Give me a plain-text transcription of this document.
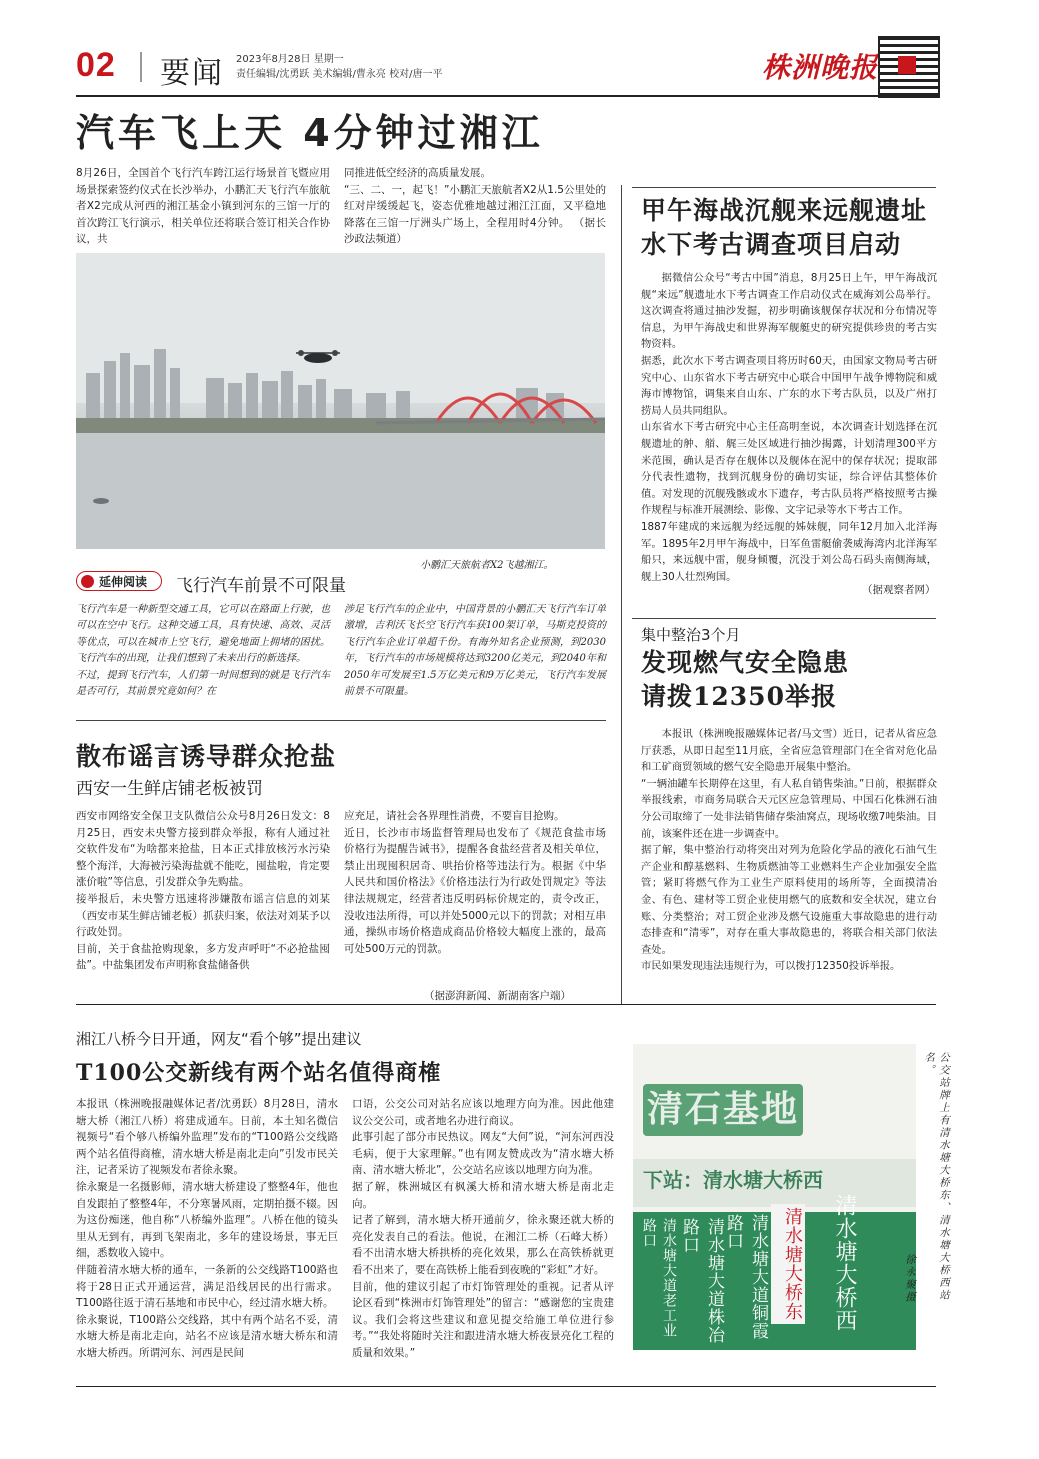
02 要闻 2023年8月28日 星期一
责任编辑/沈勇跃 美术编辑/曹永亮 校对/唐一平	株洲晚报
汽车飞上天 4分钟过湘江
8月26日，全国首个飞行汽车跨江运行场景首飞暨应用场景探索签约仪式在长沙举办，小鹏汇天飞行汽车旅航者X2完成从河西的湘江基金小镇到河东的三馆一厅的首次跨江飞行演示，相关单位还将联合签订相关合作协议，共
同推进低空经济的高质量发展。
“三、二、一，起飞！”小鹏汇天旅航者X2从1.5公里处的红对岸缓缓起飞，姿态优雅地越过湘江江面，又平稳地降落在三馆一厅洲头广场上，全程用时4分钟。 （据长沙政法频道）
小鹏汇天旅航者X2飞越湘江。
延伸阅读	飞行汽车前景不可限量
飞行汽车是一种新型交通工具，它可以在路面上行驶，也可以在空中飞行。这种交通工具，具有快速、高效、灵活等优点，可以在城市上空飞行，避免地面上拥堵的困扰。飞行汽车的出现，让我们想到了未来出行的新选择。
不过，提到飞行汽车，人们第一时间想到的就是飞行汽车是否可行，其前景究竟如何？在
涉足飞行汽车的企业中，中国背景的小鹏汇天飞行汽车订单激增，吉利沃飞长空飞行汽车获100架订单，马斯克投资的飞行汽车企业订单超千份。有海外知名企业预测，到2030年，飞行汽车的市场规模将达到3200亿美元，到2040年和2050年可发展至1.5万亿美元和9万亿美元，飞行汽车发展前景不可限量。
散布谣言诱导群众抢盐
西安一生鲜店铺老板被罚
西安市网络安全保卫支队微信公众号8月26日发文：8月25日，西安未央警方接到群众举报，称有人通过社交软件发布“为啥都来抢盐，日本正式排放核污水污染整个海洋，大海被污染海盐就不能吃，囤盐啦，肯定要涨价啦”等信息，引发群众争先购盐。
接举报后，未央警方迅速将涉嫌散布谣言信息的刘某（西安市某生鲜店铺老板）抓获归案，依法对刘某予以行政处罚。
目前，关于食盐抢购现象，多方发声呼吁“不必抢盐囤盐”。中盐集团发布声明称食盐储备供
应充足，请社会各界理性消费，不要盲目抢购。
近日，长沙市市场监督管理局也发布了《规范食盐市场价格行为提醒告诫书》，提醒各食盐经营者及相关单位，禁止出现囤积居奇、哄抬价格等违法行为。根据《中华人民共和国价格法》《价格违法行为行政处罚规定》等法律法规规定，经营者违反明码标价规定的，责令改正，没收违法所得，可以并处5000元以下的罚款；对相互串通，操纵市场价格造成商品价格较大幅度上涨的，最高可处500万元的罚款。
（据澎湃新闻、新湖南客户端）
甲午海战沉舰来远舰遗址
水下考古调查项目启动
据微信公众号“考古中国”消息，8月25日上午，甲午海战沉舰“来远”舰遗址水下考古调查工作启动仪式在威海刘公岛举行。这次调查将通过抽沙发掘，初步明确该舰保存状况和分布情况等信息，为甲午海战史和世界海军舰艇史的研究提供珍贵的考古实物资料。
据悉，此次水下考古调查项目将历时60天，由国家文物局考古研究中心、山东省水下考古研究中心联合中国甲午战争博物院和威海市博物馆，调集来自山东、广东的水下考古队员，以及广州打捞局人员共同组队。
山东省水下考古研究中心主任高明奎说，本次调查计划选择在沉舰遗址的舯、艏、艉三处区域进行抽沙揭露，计划清理300平方米范围，确认是否存在舰体以及舰体在泥中的保存状况；提取部分代表性遗物，找到沉舰身份的确切实证，综合评估其整体价值。对发现的沉舰残骸或水下遗存，考古队员将严格按照考古操作规程与标准开展测绘、影像、文字记录等水下考古工作。
1887年建成的来远舰为经远舰的姊妹舰，同年12月加入北洋海军。1895年2月甲午海战中，日军鱼雷艇偷袭威海湾内北洋海军船只，来远舰中雷，舰身倾覆，沉没于刘公岛石码头南侧海域，舰上30人壮烈殉国。
（据观察者网）
集中整治3个月
发现燃气安全隐患
请拨12350举报
本报讯（株洲晚报融媒体记者/马文雪）近日，记者从省应急厅获悉，从即日起至11月底，全省应急管理部门在全省对危化品和工矿商贸领域的燃气安全隐患开展集中整治。
“一辆油罐车长期停在这里，有人私自销售柴油。”日前，根据群众举报线索，市商务局联合天元区应急管理局、中国石化株洲石油分公司取缔了一处非法销售储存柴油窝点，现场收缴7吨柴油。目前，该案件还在进一步调查中。
据了解，集中整治行动将突出对列为危险化学品的液化石油气生产企业和醇基燃料、生物质燃油等工业燃料生产企业加强安全监管；紧盯将燃气作为工业生产原料使用的场所等，全面摸清冶金、有色、建材等工贸企业使用燃气的底数和安全状况，建立台账、分类整治；对工贸企业涉及燃气设施重大事故隐患的进行动态排查和“清零”，对存在重大事故隐患的，将联合相关部门依法查处。
市民如果发现违法违规行为，可以拨打12350投诉举报。
湘江八桥今日开通，网友“看个够”提出建议
T100公交新线有两个站名值得商榷
本报讯（株洲晚报融媒体记者/沈勇跃）8月28日，清水塘大桥（湘江八桥）将建成通车。日前，本土知名微信视频号“看个够八桥编外监理”发布的“T100路公交线路两个站名值得商榷，清水塘大桥是南北走向”引发市民关注，记者采访了视频发布者徐永聚。
徐永聚是一名摄影师，清水塘大桥建设了整整4年，他也自发跟拍了整整4年，不分寒暑风雨，定期拍摄不辍。因为这份痴迷，他自称“八桥编外监理”。八桥在他的镜头里从无到有，再到飞架南北，多年的建设场景，事无巨细，悉数收入镜中。
伴随着清水塘大桥的通车，一条新的公交线路T100路也将于28日正式开通运营，满足沿线居民的出行需求。T100路往返于清石基地和市民中心，经过清水塘大桥。
徐永聚说，T100路公交线路，其中有两个站名不妥，清水塘大桥是南北走向，站名不应该是清水塘大桥东和清水塘大桥西。所谓河东、河西是民间
口语，公交公司对站名应该以地理方向为准。因此他建议公交公司，或者地名办进行商议。
此事引起了部分市民热议。网友“大何”说，“河东河西没毛病，便于大家理解。”也有网友赞成改为“清水塘大桥南、清水塘大桥北”，公交站名应该以地理方向为准。
据了解，株洲城区有枫溪大桥和清水塘大桥是南北走向。
记者了解到，清水塘大桥开通前夕，徐永聚还就大桥的亮化发表自己的看法。他说，在湘江二桥（石峰大桥）看不出清水塘大桥拱桥的亮化效果，那么在高铁桥就更看不出来了，要在高铁桥上能看到夜晚的“彩虹”才好。
目前，他的建议引起了市灯饰管理处的重视。记者从评论区看到“株洲市灯饰管理处”的留言：“感谢您的宝贵建议。我们会将这些建议和意见提交给施工单位进行参考。”“我处将随时关注和跟进清水塘大桥夜景亮化工程的质量和效果。”
清石基地
下站：清水塘大桥西
清水塘大道老工业路口	清水塘大道株冶路口	清水塘大道铜霞路口	清水塘大桥东 清水塘大桥西	公交站牌上有清水塘大桥东、清水塘大桥西站名。
徐永聚摄
